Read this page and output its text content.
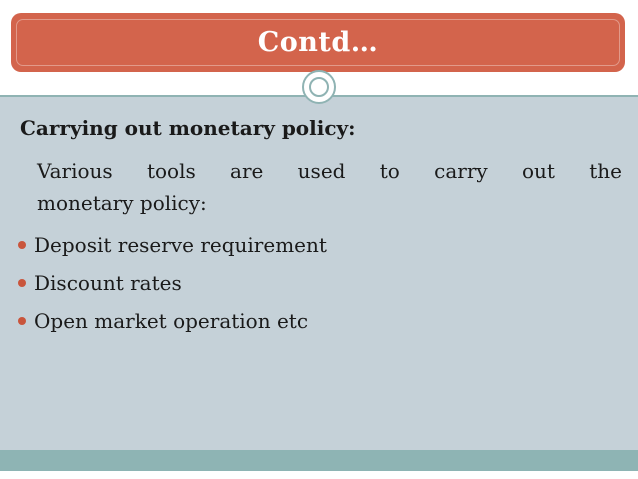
Contd…
Carrying out monetary policy:
Various tools are used to carry out the
monetary policy:
Deposit reserve requirement
Discount rates
Open market operation etc
